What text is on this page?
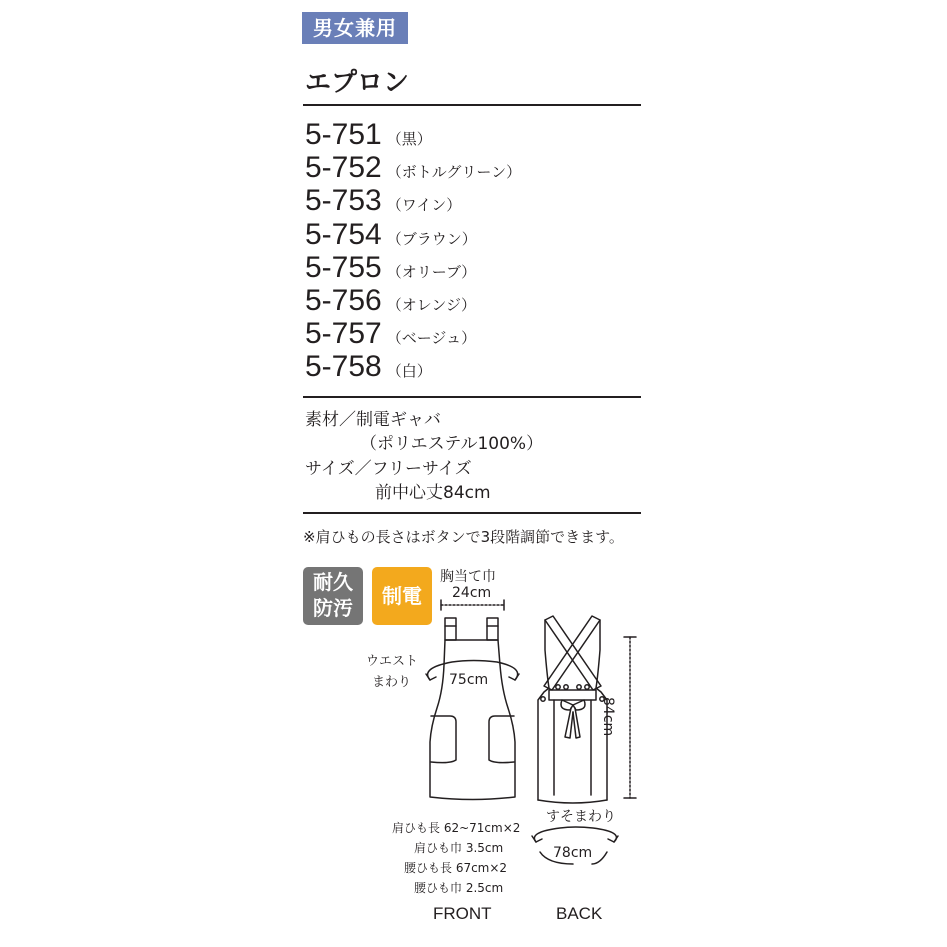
男女兼用
エプロン
5-751 （黒）
5-752 （ボトルグリーン）
5-753 （ワイン）
5-754 （ブラウン）
5-755 （オリーブ）
5-756 （オレンジ）
5-757 （ベージュ）
5-758 （白）
素材／制電ギャバ
（ポリエステル100%）
サイズ／フリーサイズ
前中心丈84cm
※肩ひもの長さはボタンで3段階調節できます。
耐久
防汚	制電
胸当て巾
24cm
ウエスト
まわり	75cm
84cm
すそまわり
78cm
肩ひも長 62~71cm×2
肩ひも巾 3.5cm
腰ひも長 67cm×2
腰ひも巾 2.5cm
FRONT	BACK
